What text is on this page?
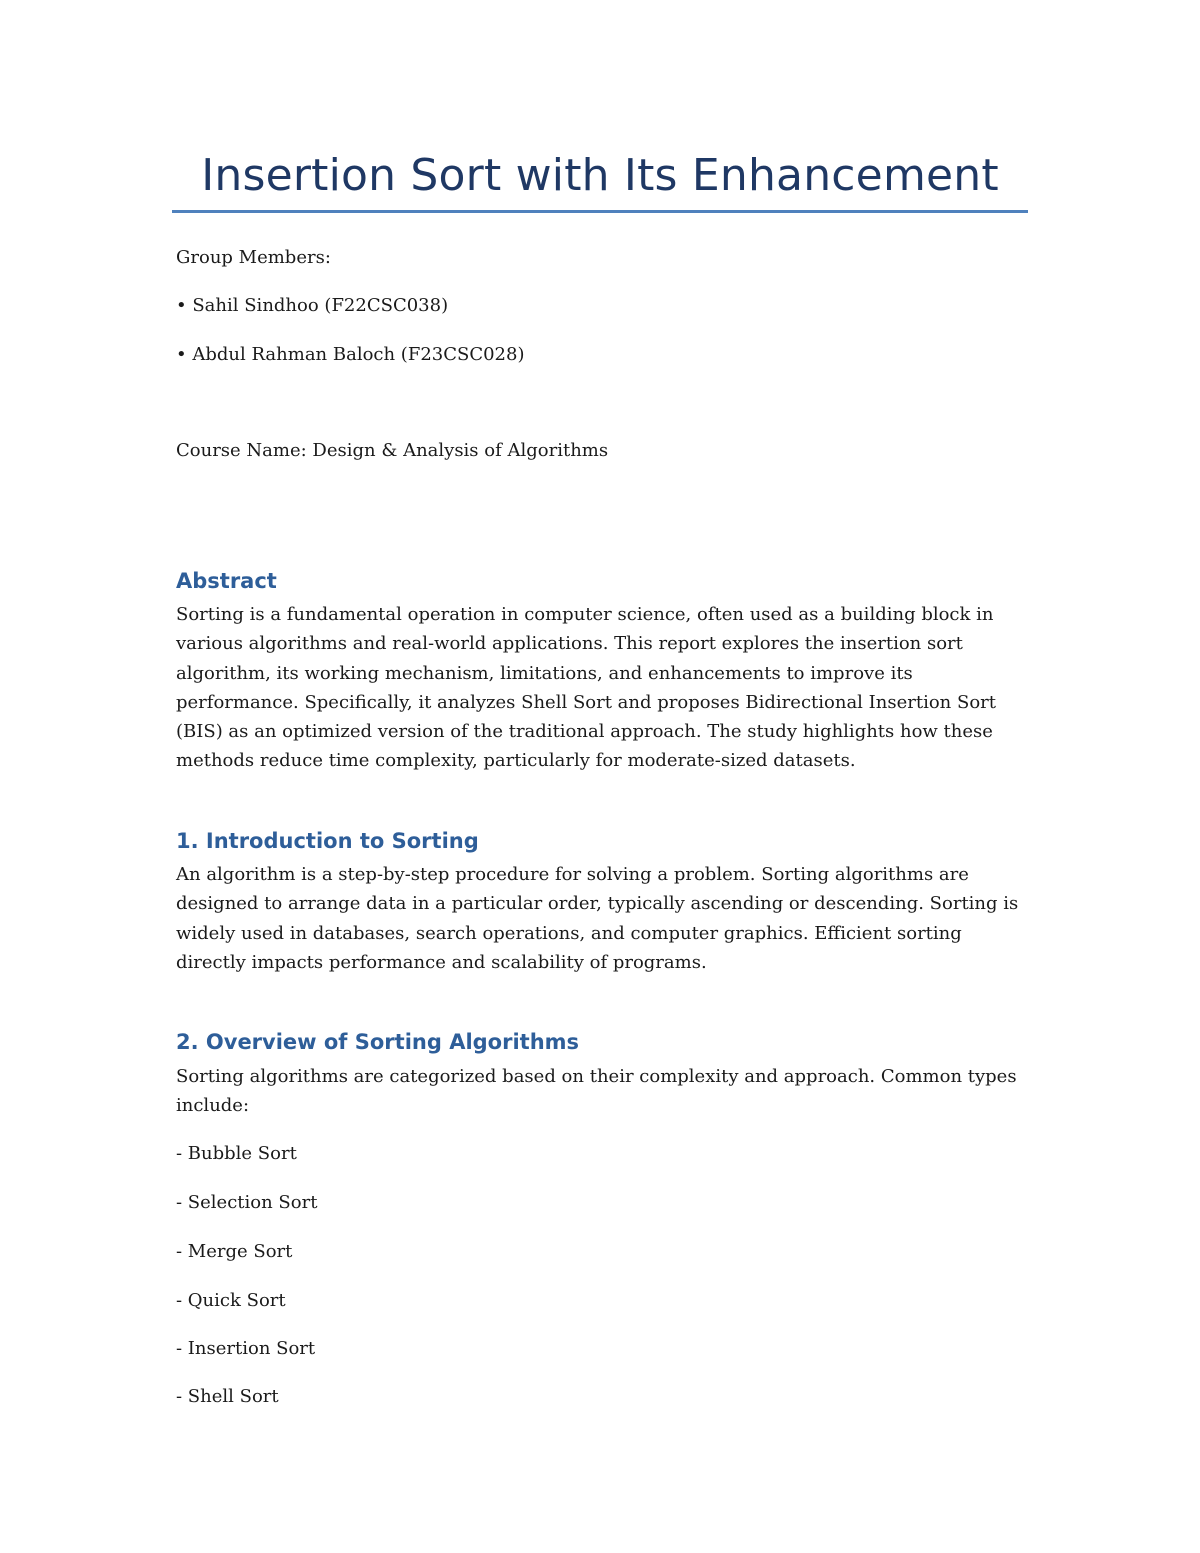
Insertion Sort with Its Enhancement
Group Members:
• Sahil Sindhoo (F22CSC038)
• Abdul Rahman Baloch (F23CSC028)
Course Name: Design & Analysis of Algorithms
Abstract
Sorting is a fundamental operation in computer science, often used as a building block in various algorithms and real-world applications. This report explores the insertion sort algorithm, its working mechanism, limitations, and enhancements to improve its performance. Specifically, it analyzes Shell Sort and proposes Bidirectional Insertion Sort (BIS) as an optimized version of the traditional approach. The study highlights how these methods reduce time complexity, particularly for moderate-sized datasets.
1. Introduction to Sorting
An algorithm is a step-by-step procedure for solving a problem. Sorting algorithms are designed to arrange data in a particular order, typically ascending or descending. Sorting is widely used in databases, search operations, and computer graphics. Efficient sorting directly impacts performance and scalability of programs.
2. Overview of Sorting Algorithms
Sorting algorithms are categorized based on their complexity and approach. Common types include:
- Bubble Sort
- Selection Sort
- Merge Sort
- Quick Sort
- Insertion Sort
- Shell Sort
